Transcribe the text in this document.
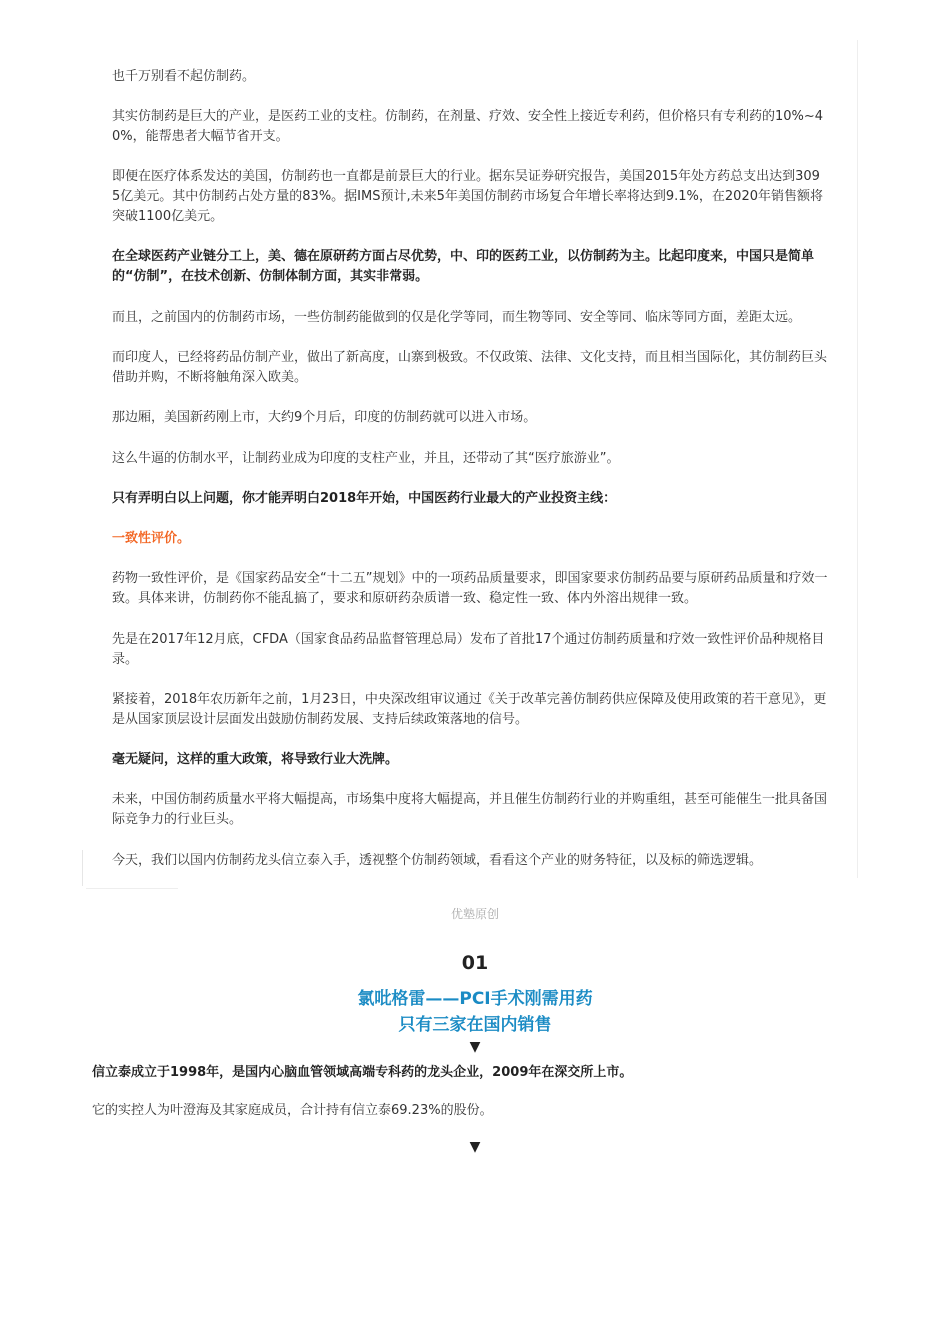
也千万别看不起仿制药。

其实仿制药是巨大的产业，是医药工业的支柱。仿制药，在剂量、疗效、安全性上接近专利药，但价格只有专利药的10%~40%，能帮患者大幅节省开支。

即便在医疗体系发达的美国，仿制药也一直都是前景巨大的行业。据东吴证券研究报告，美国2015年处方药总支出达到3095亿美元。其中仿制药占处方量的83%。据IMS预计,未来5年美国仿制药市场复合年增长率将达到9.1%，在2020年销售额将突破1100亿美元。

在全球医药产业链分工上，美、德在原研药方面占尽优势，中、印的医药工业，以仿制药为主。比起印度来，中国只是简单的“仿制”，在技术创新、仿制体制方面，其实非常弱。

而且，之前国内的仿制药市场，一些仿制药能做到的仅是化学等同，而生物等同、安全等同、临床等同方面，差距太远。

而印度人，已经将药品仿制产业，做出了新高度，山寨到极致。不仅政策、法律、文化支持，而且相当国际化，其仿制药巨头借助并购，不断将触角深入欧美。

那边厢，美国新药刚上市，大约9个月后，印度的仿制药就可以进入市场。

这么牛逼的仿制水平，让制药业成为印度的支柱产业，并且，还带动了其“医疗旅游业”。

只有弄明白以上问题，你才能弄明白2018年开始，中国医药行业最大的产业投资主线：

一致性评价。

药物一致性评价，是《国家药品安全“十二五”规划》中的一项药品质量要求，即国家要求仿制药品要与原研药品质量和疗效一致。具体来讲，仿制药你不能乱搞了，要求和原研药杂质谱一致、稳定性一致、体内外溶出规律一致。

先是在2017年12月底，CFDA（国家食品药品监督管理总局）发布了首批17个通过仿制药质量和疗效一致性评价品种规格目录。

紧接着，2018年农历新年之前，1月23日，中央深改组审议通过《关于改革完善仿制药供应保障及使用政策的若干意见》，更是从国家顶层设计层面发出鼓励仿制药发展、支持后续政策落地的信号。

毫无疑问，这样的重大政策，将导致行业大洗牌。

未来，中国仿制药质量水平将大幅提高，市场集中度将大幅提高，并且催生仿制药行业的并购重组，甚至可能催生一批具备国际竞争力的行业巨头。

今天，我们以国内仿制药龙头信立泰入手，透视整个仿制药领域，看看这个产业的财务特征，以及标的筛选逻辑。

优塾原创
01
氯吡格雷——PCI手术刚需用药
只有三家在国内销售
▼

信立泰成立于1998年，是国内心脑血管领域高端专科药的龙头企业，2009年在深交所上市。

它的实控人为叶澄海及其家庭成员，合计持有信立泰69.23%的股份。

▼
